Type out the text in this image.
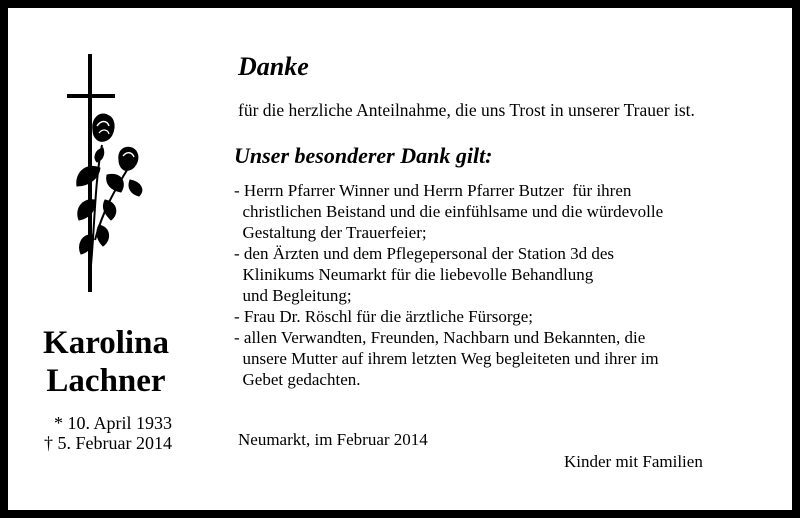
Karolina
Lachner
* 10. April 1933
† 5. Februar 2014
Danke
für die herzliche Anteilnahme, die uns Trost in unserer Trauer ist.
Unser besonderer Dank gilt:
- Herrn Pfarrer Winner und Herrn Pfarrer Butzer  für ihren
christlichen Beistand und die einfühlsame und die würdevolle
Gestaltung der Trauerfeier;
- den Ärzten und dem Pflegepersonal der Station 3d des
Klinikums Neumarkt für die liebevolle Behandlung
und Begleitung;
- Frau Dr. Röschl für die ärztliche Fürsorge;
- allen Verwandten, Freunden, Nachbarn und Bekannten, die
unsere Mutter auf ihrem letzten Weg begleiteten und ihrer im
Gebet gedachten.
Neumarkt, im Februar 2014
Kinder mit Familien
